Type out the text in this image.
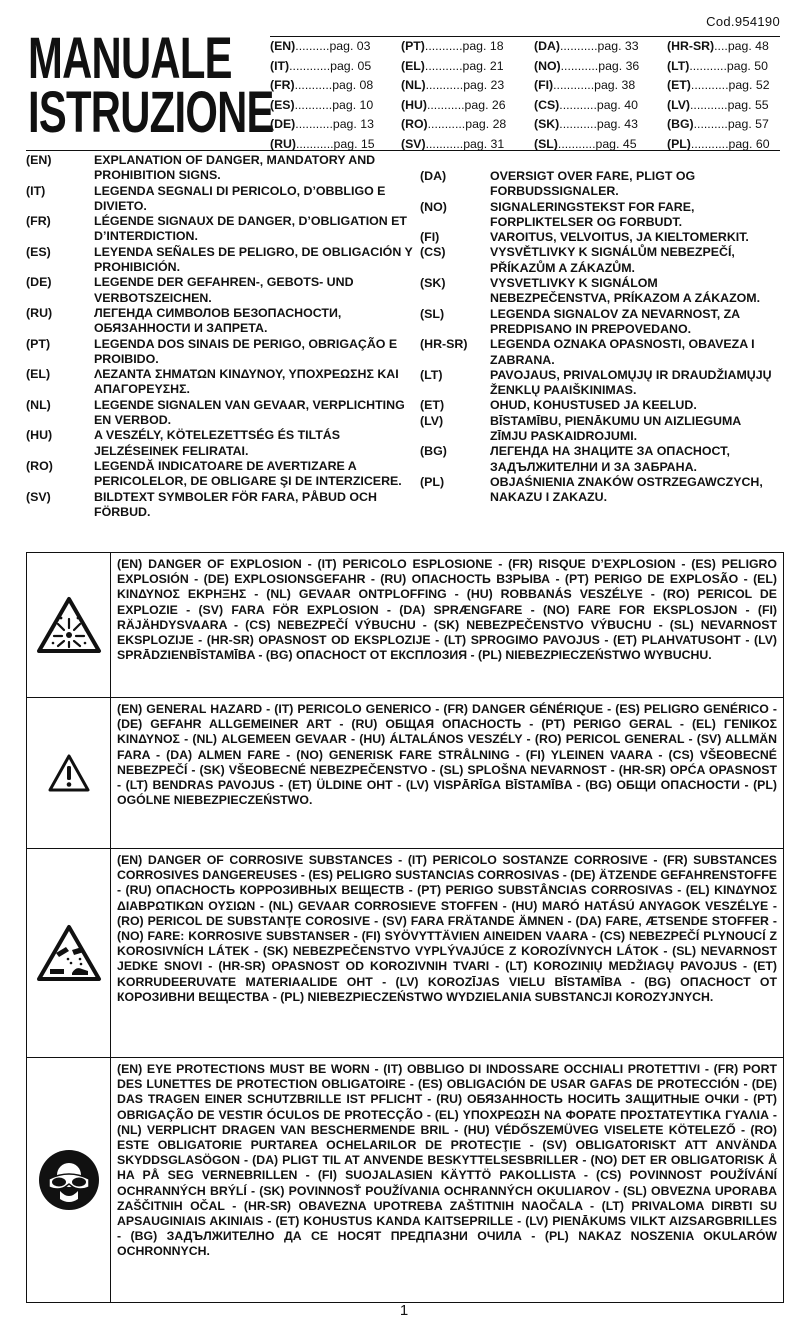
Cod.954190
MANUALE
ISTRUZIONE
(EN)..........pag. 03	(PT)...........pag. 18	(DA)...........pag. 33	(HR-SR)....pag. 48
(IT)............pag. 05	(EL)...........pag. 21	(NO)...........pag. 36	(LT)...........pag. 50
(FR)...........pag. 08	(NL)...........pag. 23	(FI)............pag. 38	(ET)...........pag. 52
(ES)...........pag. 10	(HU)...........pag. 26	(CS)...........pag. 40	(LV)...........pag. 55
(DE)...........pag. 13	(RO)...........pag. 28	(SK)...........pag. 43	(BG)..........pag. 57
(RU)...........pag. 15	(SV)...........pag. 31	(SL)...........pag. 45	(PL)...........pag. 60
(EN)	EXPLANATION OF DANGER, MANDATORY AND PROHIBITION SIGNS.
(IT)	LEGENDA SEGNALI DI PERICOLO, D’OBBLIGO E DIVIETO.
(FR)	LÉGENDE SIGNAUX DE DANGER, D’OBLIGATION ET D’INTERDICTION.
(ES)	LEYENDA SEÑALES DE PELIGRO, DE OBLIGACIÓN Y PROHIBICIÓN.
(DE)	LEGENDE DER GEFAHREN-, GEBOTS- UND VERBOTSZEICHEN.
(RU)	ЛЕГЕНДА СИМВОЛОВ БЕЗОПАСНОСТИ, ОБЯЗАННОСТИ И ЗАПРЕТА.
(PT)	LEGENDA DOS SINAIS DE PERIGO, OBRIGAÇÃO E PROIBIDO.
(EL)	ΛΕΖΑΝΤΑ ΣΗΜΑΤΩΝ ΚΙΝΔΥΝΟΥ, ΥΠΟΧΡΕΩΣΗΣ ΚΑΙ ΑΠΑΓΟΡΕΥΣΗΣ.
(NL)	LEGENDE SIGNALEN VAN GEVAAR, VERPLICHTING EN VERBOD.
(HU)	A VESZÉLY, KÖTELEZETTSÉG ÉS TILTÁS JELZÉSEINEK FELIRATAI.
(RO)	LEGENDĂ INDICATOARE DE AVERTIZARE A PERICOLELOR, DE OBLIGARE ŞI DE INTERZICERE.
(SV)	BILDTEXT SYMBOLER FÖR FARA, PÅBUD OCH FÖRBUD.
(DA)	OVERSIGT OVER FARE, PLIGT OG FORBUDSSIGNALER.
(NO)	SIGNALERINGSTEKST FOR FARE, FORPLIKTELSER OG FORBUDT.
(FI)	VAROITUS, VELVOITUS, JA KIELTOMERKIT.
(CS)	VYSVĚTLIVKY K SIGNÁLŮM NEBEZPEČÍ, PŘÍKAZŮM A ZÁKAZŮM.
(SK)	VYSVETLIVKY K SIGNÁLOM NEBEZPEČENSTVA, PRÍKAZOM A ZÁKAZOM.
(SL)	LEGENDA SIGNALOV ZA NEVARNOST, ZA PREDPISANO IN PREPOVEDANO.
(HR-SR)	LEGENDA OZNAKA OPASNOSTI, OBAVEZA I ZABRANA.
(LT)	PAVOJAUS, PRIVALOMŲJŲ IR DRAUDŽIAMŲJŲ ŽENKLŲ PAAIŠKINIMAS.
(ET)	OHUD, KOHUSTUSED JA KEELUD.
(LV)	BĪSTAMĪBU, PIENĀKUMU UN AIZLIEGUMA ZĪMJU PASKAIDROJUMI.
(BG)	ЛЕГЕНДА НА ЗНАЦИТЕ ЗА ОПАСНОСТ, ЗАДЪЛЖИТЕЛНИ И ЗА ЗАБРАНА.
(PL)	OBJAŚNIENIA ZNAKÓW OSTRZEGAWCZYCH, NAKAZU I ZAKAZU.
(EN) DANGER OF EXPLOSION - (IT) PERICOLO ESPLOSIONE - (FR) RISQUE D’EXPLOSION - (ES) PELIGRO EXPLOSIÓN - (DE) EXPLOSIONSGEFAHR - (RU) ОПАСНОСТЬ ВЗРЫВА - (PT) PERIGO DE EXPLOSÃO - (EL) ΚΙΝΔΥΝΟΣ ΕΚΡΗΞΗΣ - (NL) GEVAAR ONTPLOFFING - (HU) ROBBANÁS VESZÉLYE - (RO) PERICOL DE EXPLOZIE - (SV) FARA FÖR EXPLOSION - (DA) SPRÆNGFARE - (NO) FARE FOR EKSPLOSJON - (FI) RÄJÄHDYSVAARA - (CS) NEBEZPEČÍ VÝBUCHU - (SK) NEBEZPEČENSTVO VÝBUCHU - (SL) NEVARNOST EKSPLOZIJE - (HR-SR) OPASNOST OD EKSPLOZIJE - (LT) SPROGIMO PAVOJUS - (ET) PLAHVATUSOHT - (LV) SPRĀDZIENBĪSTAMĪBA - (BG) ОПАСНОСТ ОТ ЕКСПЛОЗИЯ - (PL) NIEBEZPIECZEŃSTWO WYBUCHU.
(EN) GENERAL HAZARD - (IT) PERICOLO GENERICO - (FR) DANGER GÉNÉRIQUE - (ES) PELIGRO GENÉRICO - (DE) GEFAHR ALLGEMEINER ART - (RU) ОБЩАЯ ОПАСНОСТЬ - (PT) PERIGO GERAL - (EL) ΓΕΝΙΚΟΣ ΚΙΝΔΥΝΟΣ - (NL) ALGEMEEN GEVAAR - (HU) ÁLTALÁNOS VESZÉLY - (RO) PERICOL GENERAL - (SV) ALLMÄN FARA - (DA) ALMEN FARE - (NO) GENERISK FARE STRÅLNING - (FI) YLEINEN VAARA - (CS) VŠEOBECNÉ NEBEZPEČÍ - (SK) VŠEOBECNÉ NEBEZPEČENSTVO - (SL) SPLOŠNA NEVARNOST - (HR-SR) OPĆA OPASNOST - (LT) BENDRAS PAVOJUS - (ET) ÜLDINE OHT - (LV) VISPĀRĪGA BĪSTAMĪBA - (BG) ОБЩИ ОПАСНОСТИ - (PL) OGÓLNE NIEBEZPIECZEŃSTWO.
(EN) DANGER OF CORROSIVE SUBSTANCES - (IT) PERICOLO SOSTANZE CORROSIVE - (FR) SUBSTANCES CORROSIVES DANGEREUSES - (ES) PELIGRO SUSTANCIAS CORROSIVAS - (DE) ÄTZENDE GEFAHRENSTOFFE - (RU) ОПАСНОСТЬ КОРРОЗИВНЫХ ВЕЩЕСТВ - (PT) PERIGO SUBSTÂNCIAS CORROSIVAS - (EL) ΚΙΝΔΥΝΟΣ ΔΙΑΒΡΩΤΙΚΩΝ ΟΥΣΙΩΝ - (NL) GEVAAR CORROSIEVE STOFFEN - (HU) MARÓ HATÁSÚ ANYAGOK VESZÉLYE - (RO) PERICOL DE SUBSTANŢE COROSIVE - (SV) FARA FRÄTANDE ÄMNEN - (DA) FARE, ÆTSENDE STOFFER - (NO) FARE: KORROSIVE SUBSTANSER - (FI) SYÖVYTTÄVIEN AINEIDEN VAARA - (CS) NEBEZPEČÍ PLYNOUCÍ Z KOROSIVNÍCH LÁTEK - (SK) NEBEZPEČENSTVO VYPLÝVAJÚCE Z KOROZÍVNYCH LÁTOK - (SL) NEVARNOST JEDKE SNOVI - (HR-SR) OPASNOST OD KOROZIVNIH TVARI - (LT) KOROZINIŲ MEDŽIAGŲ PAVOJUS - (ET) KORRUDEERUVATE MATERIAALIDE OHT - (LV) KOROZĪJAS VIELU BĪSTAMĪBA - (BG) ОПАСНОСТ ОТ КОРОЗИВНИ ВЕЩЕСТВА - (PL) NIEBEZPIECZEŃSTWO WYDZIELANIA SUBSTANCJI KOROZYJNYCH.
(EN) EYE PROTECTIONS MUST BE WORN - (IT) OBBLIGO DI INDOSSARE OCCHIALI PROTETTIVI - (FR) PORT DES LUNETTES DE PROTECTION OBLIGATOIRE - (ES) OBLIGACIÓN DE USAR GAFAS DE PROTECCIÓN - (DE) DAS TRAGEN EINER SCHUTZBRILLE IST PFLICHT - (RU) ОБЯЗАННОСТЬ НОСИТЬ ЗАЩИТНЫЕ ОЧКИ - (PT) OBRIGAÇÃO DE VESTIR ÓCULOS DE PROTECÇÃO - (EL) ΥΠΟΧΡΕΩΣΗ ΝΑ ΦΟΡΑΤΕ ΠΡΟΣΤΑΤΕΥΤΙΚΑ ΓΥΑΛΙΑ - (NL) VERPLICHT DRAGEN VAN BESCHERMENDE BRIL - (HU) VÉDŐSZEMÜVEG VISELETE KÖTELEZŐ - (RO) ESTE OBLIGATORIE PURTAREA OCHELARILOR DE PROTECŢIE - (SV) OBLIGATORISKT ATT ANVÄNDA SKYDDSGLASÖGON - (DA) PLIGT TIL AT ANVENDE BESKYTTELSESBRILLER - (NO) DET ER OBLIGATORISK Å HA PÅ SEG VERNEBRILLEN - (FI) SUOJALASIEN KÄYTTÖ PAKOLLISTA - (CS) POVINNOST POUŽÍVÁNÍ OCHRANNÝCH BRÝLÍ - (SK) POVINNOSŤ POUŽÍVANIA OCHRANNÝCH OKULIAROV - (SL) OBVEZNA UPORABA ZAŠČITNIH OČAL - (HR-SR) OBAVEZNA UPOTREBA ZAŠTITNIH NAOČALA - (LT) PRIVALOMA DIRBTI SU APSAUGINIAIS AKINIAIS - (ET) KOHUSTUS KANDA KAITSEPRILLE - (LV) PIENĀKUMS VILKT AIZSARGBRILLES - (BG) ЗАДЪЛЖИТЕЛНО ДА СЕ НОСЯТ ПРЕДПАЗНИ ОЧИЛА - (PL) NAKAZ NOSZENIA OKULARÓW OCHRONNYCH.
1
